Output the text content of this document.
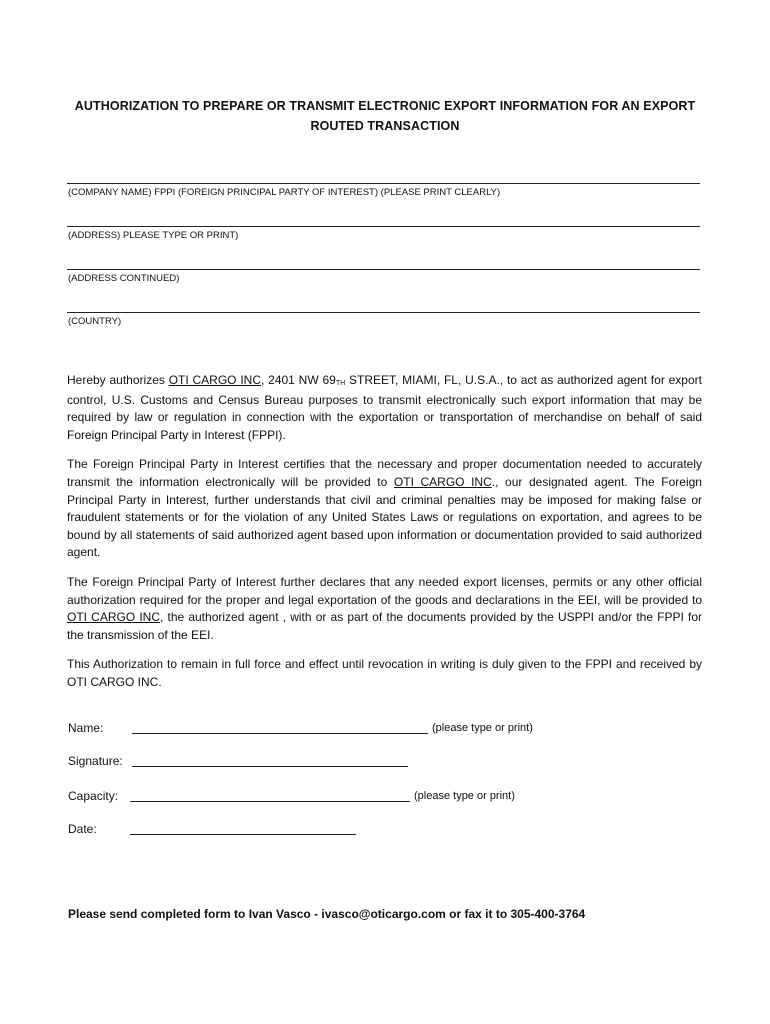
AUTHORIZATION TO PREPARE OR TRANSMIT ELECTRONIC EXPORT INFORMATION FOR AN EXPORT ROUTED TRANSACTION
(COMPANY NAME) FPPI (FOREIGN PRINCIPAL PARTY OF INTEREST) (PLEASE PRINT CLEARLY)
(ADDRESS) PLEASE TYPE OR PRINT)
(ADDRESS CONTINUED)
(COUNTRY)

Hereby authorizes OTI CARGO INC, 2401 NW 69TH STREET, MIAMI, FL, U.S.A., to act as authorized agent for export control, U.S. Customs and Census Bureau purposes to transmit electronically such export information that may be required by law or regulation in connection with the exportation or transportation of merchandise on behalf of said Foreign Principal Party in Interest (FPPI).

The Foreign Principal Party in Interest certifies that the necessary and proper documentation needed to accurately transmit the information electronically will be provided to OTI CARGO INC., our designated agent. The Foreign Principal Party in Interest, further understands that civil and criminal penalties may be imposed for making false or fraudulent statements or for the violation of any United States Laws or regulations on exportation, and agrees to be bound by all statements of said authorized agent based upon information or documentation provided to said authorized agent.

The Foreign Principal Party of Interest further declares that any needed export licenses, permits or any other official authorization required for the proper and legal exportation of the goods and declarations in the EEI, will be provided to OTI CARGO INC, the authorized agent , with or as part of the documents provided by the USPPI and/or the FPPI for the transmission of the EEI.

This Authorization to remain in full force and effect until revocation in writing is duly given to the FPPI and received by OTI CARGO INC.

Name:	(please type or print)
Signature:
Capacity:	(please type or print)
Date:
Please send completed form to Ivan Vasco - ivasco@oticargo.com or fax it to 305-400-3764
